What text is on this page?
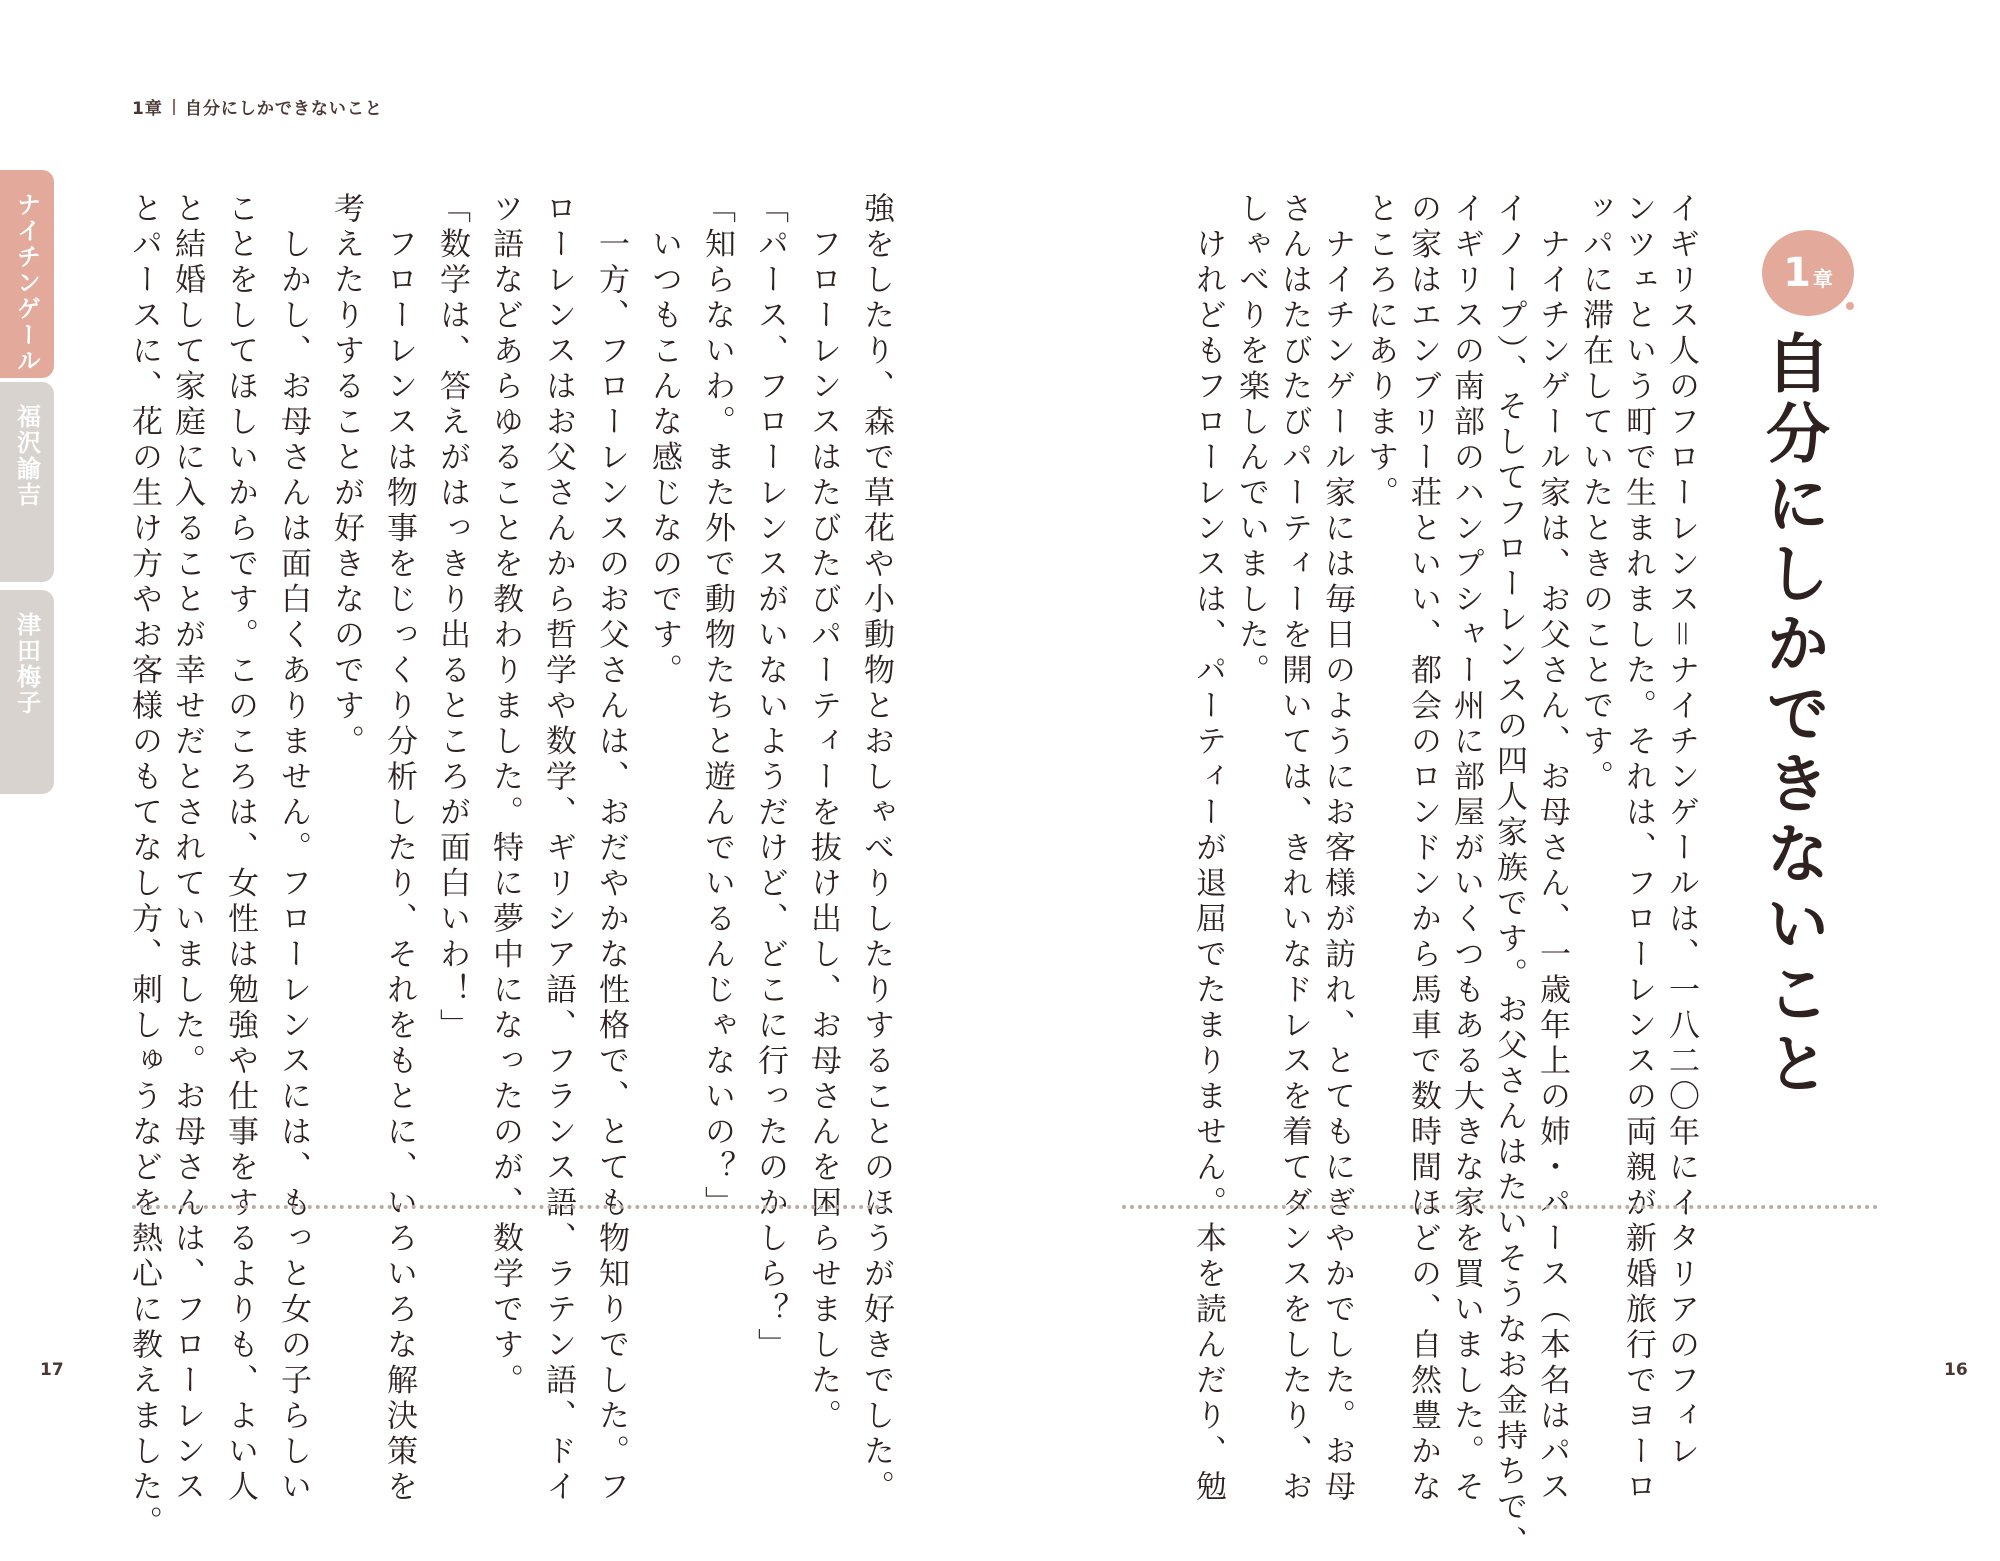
1章 自分にしかできないこと
ナイチンゲール
福沢諭吉
津田梅子
1 章
自分にしかできないこと
イギリス人のフローレンス＝ナイチンゲールは、一八二〇年にイタリアのフィレ
ンツェという町で生まれました。それは、フローレンスの両親が新婚旅行でヨーロ
ッパに滞在していたときのことです。
　ナイチンゲール家は、お父さん、お母さん、一歳年上の姉・パース（本名はパス
イノープ）、そしてフローレンスの四人家族です。お父さんはたいそうなお金持ちで、
イギリスの南部のハンプシャー州に部屋がいくつもある大きな家を買いました。そ
の家はエンブリー荘といい、都会のロンドンから馬車で数時間ほどの、自然豊かな
ところにあります。
　ナイチンゲール家には毎日のようにお客様が訪れ、とてもにぎやかでした。お母
さんはたびたびパーティーを開いては、きれいなドレスを着てダンスをしたり、お
しゃべりを楽しんでいました。
　けれどもフローレンスは、パーティーが退屈でたまりません。本を読んだり、勉
強をしたり、森で草花や小動物とおしゃべりしたりすることのほうが好きでした。
　フローレンスはたびたびパーティーを抜け出し、お母さんを困らせました。
「パース、フローレンスがいないようだけど、どこに行ったのかしら？」
「知らないわ。また外で動物たちと遊んでいるんじゃないの？」
　いつもこんな感じなのです。
　一方、フローレンスのお父さんは、おだやかな性格で、とても物知りでした。フ
ローレンスはお父さんから哲学や数学、ギリシア語、フランス語、ラテン語、ドイ
ツ語などあらゆることを教わりました。特に夢中になったのが、数学です。
「数学は、答えがはっきり出るところが面白いわ！」
　フローレンスは物事をじっくり分析したり、それをもとに、いろいろな解決策を
考えたりすることが好きなのです。
　しかし、お母さんは面白くありません。フローレンスには、もっと女の子らしい
ことをしてほしいからです。このころは、女性は勉強や仕事をするよりも、よい人
と結婚して家庭に入ることが幸せだとされていました。お母さんは、フローレンス
とパースに、花の生け方やお客様のもてなし方、刺しゅうなどを熱心に教えました。
17	16
